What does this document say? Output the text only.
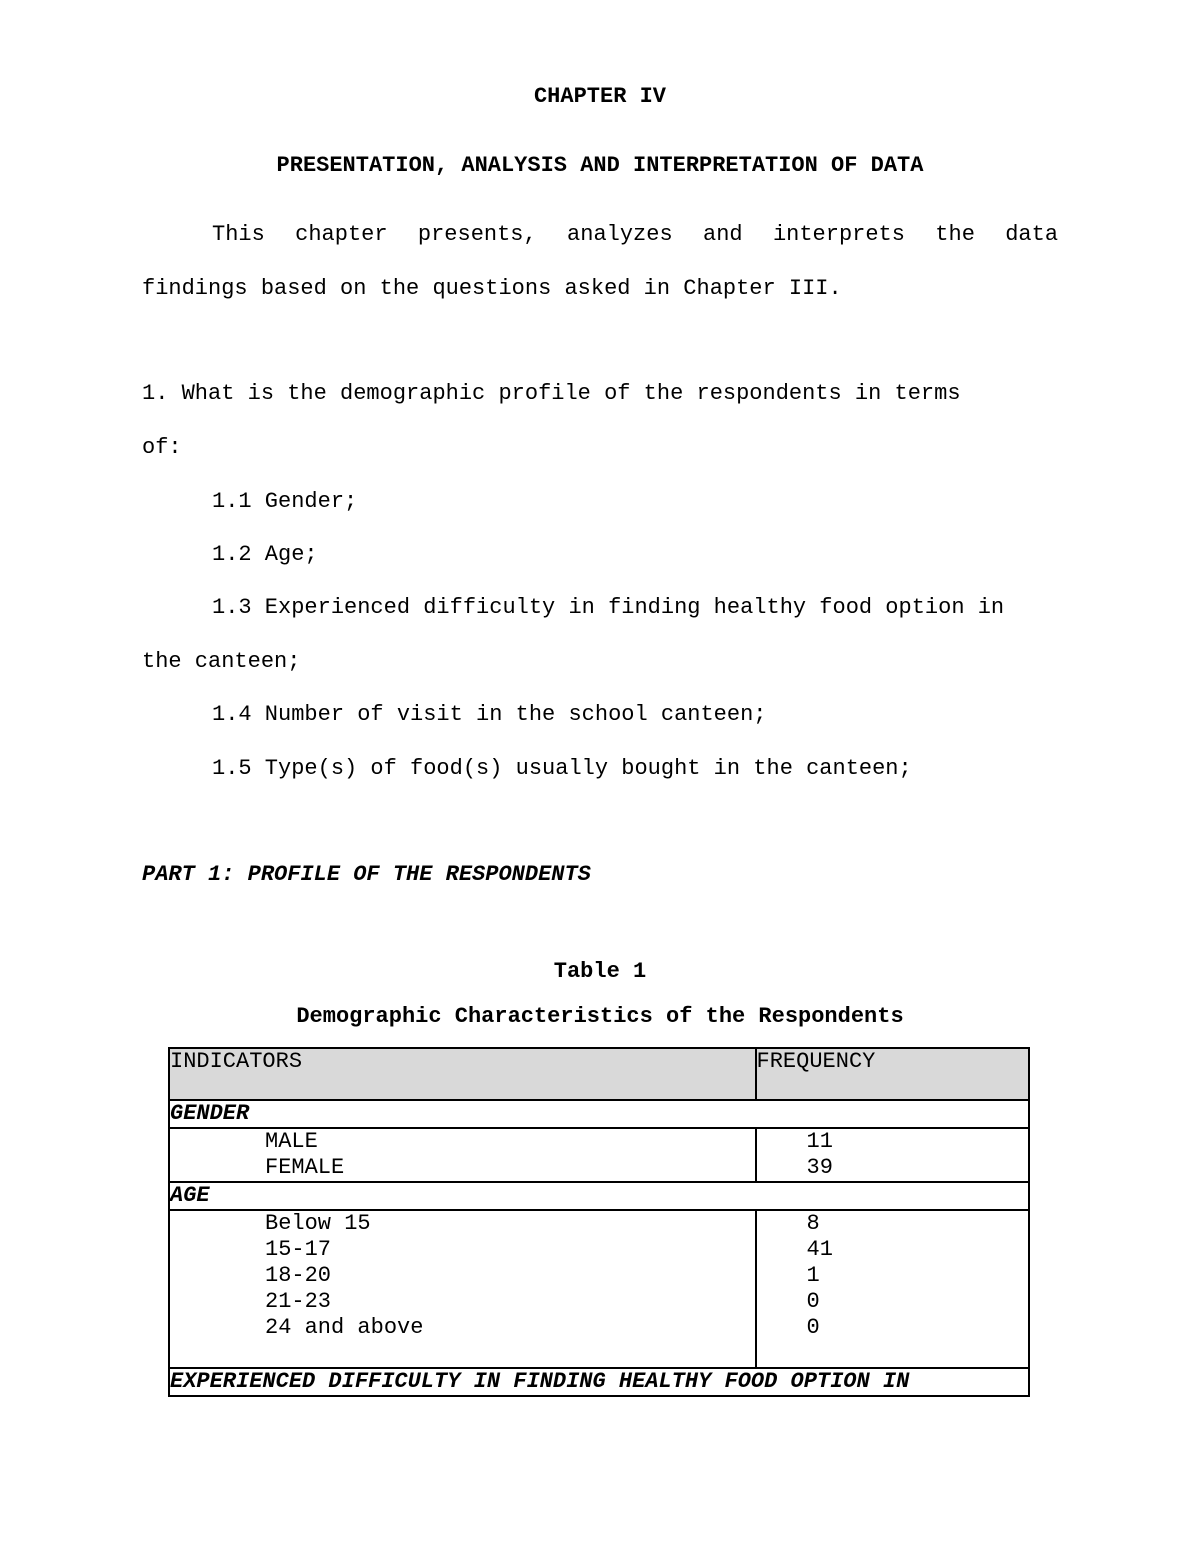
CHAPTER IV
PRESENTATION, ANALYSIS AND INTERPRETATION OF DATA
This chapter presents, analyzes and interprets the data
findings based on the questions asked in Chapter III.
1. What is the demographic profile of the respondents in terms
of:
1.1 Gender;
1.2 Age;
1.3 Experienced difficulty in finding healthy food option in
the canteen;
1.4 Number of visit in the school canteen;
1.5 Type(s) of food(s) usually bought in the canteen;
PART 1: PROFILE OF THE RESPONDENTS
Table 1
Demographic Characteristics of the Respondents
INDICATORS	FREQUENCY
GENDER	
MALE	11
FEMALE	39
AGE	
Below 15	8
15-17	41
18-20	1
21-23	0
24 and above	0

EXPERIENCED DIFFICULTY IN FINDING HEALTHY FOOD OPTION IN	
